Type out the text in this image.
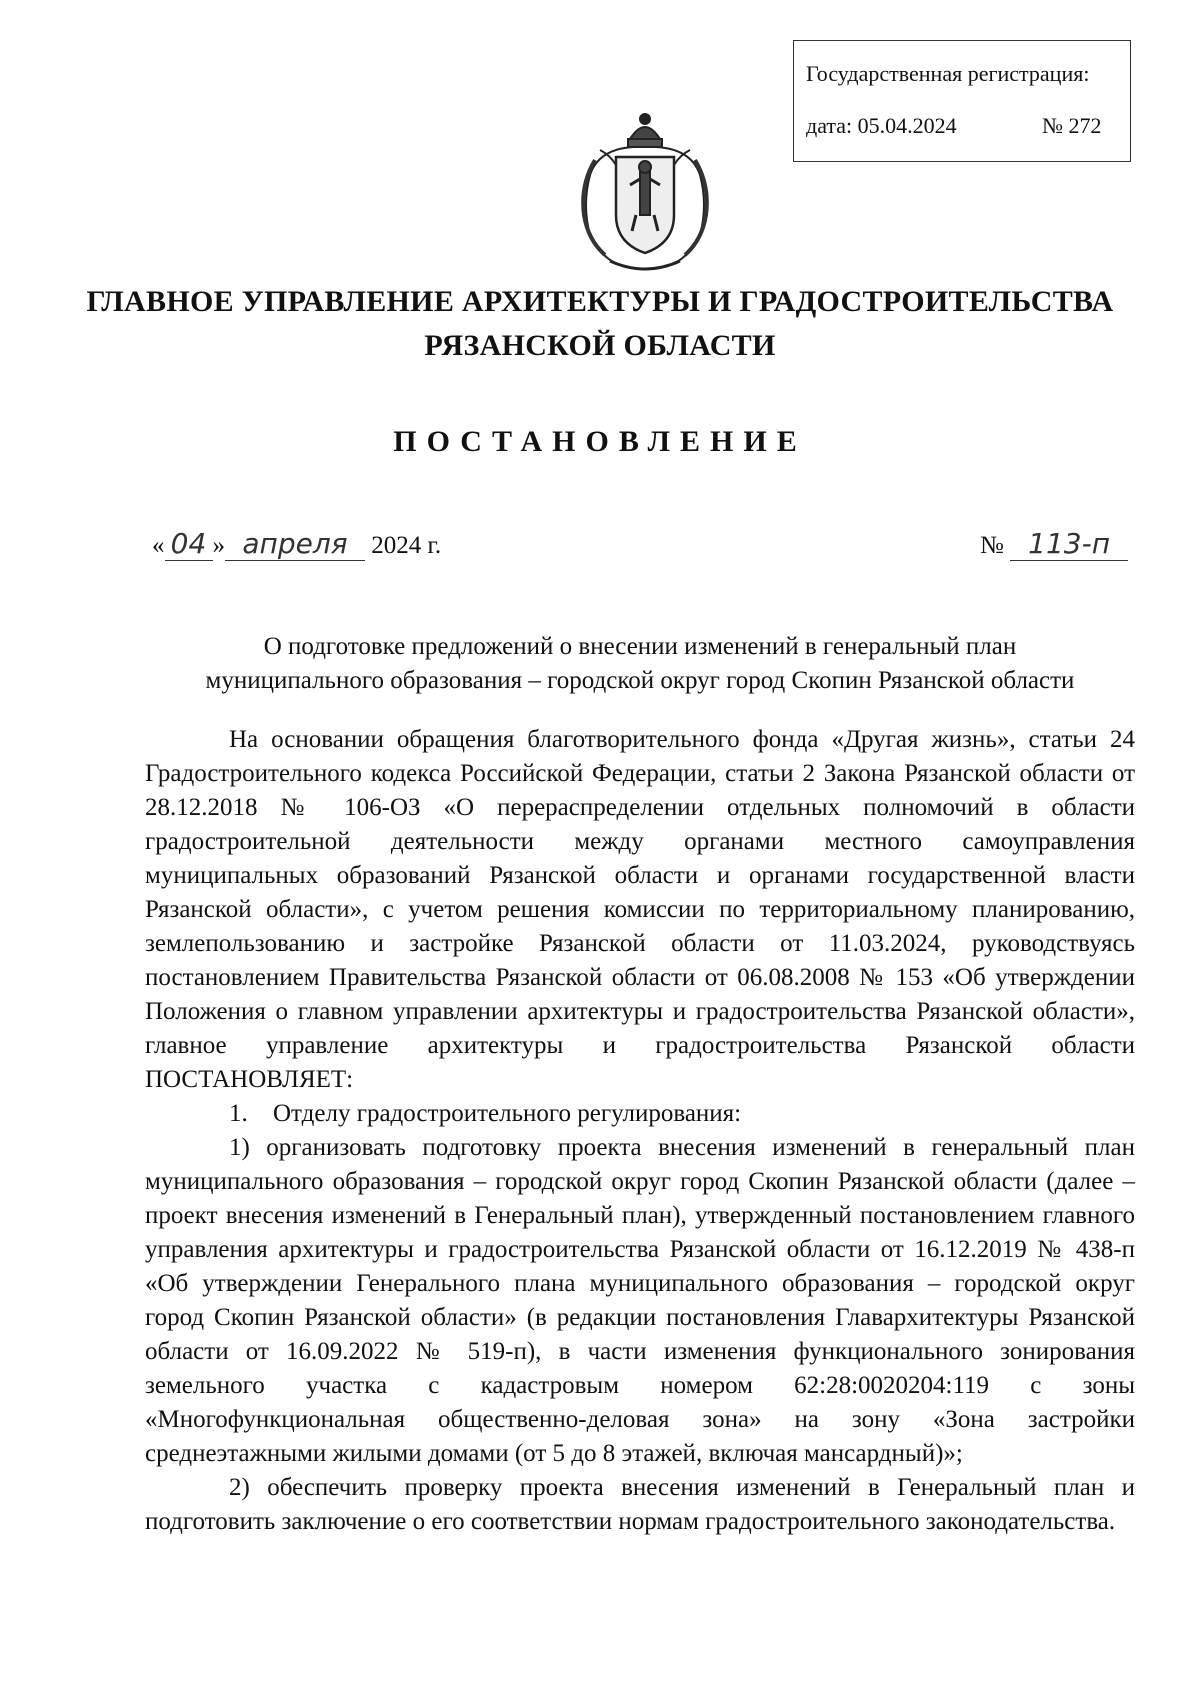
Государственная регистрация:
дата: 05.04.2024	№ 272
ГЛАВНОЕ УПРАВЛЕНИЕ АРХИТЕКТУРЫ И ГРАДОСТРОИТЕЛЬСТВА
РЯЗАНСКОЙ ОБЛАСТИ
ПОСТАНОВЛЕНИЕ
« 04 » апреля 2024 г.	№ 113-п
О подготовке предложений о внесении изменений в генеральный план
муниципального образования – городской округ город Скопин Рязанской области

На основании обращения благотворительного фонда «Другая жизнь», статьи 24 Градостроительного кодекса Российской Федерации, статьи 2 Закона Рязанской области от 28.12.2018 № 106-ОЗ «О перераспределении отдельных полномочий в области градостроительной деятельности между органами местного самоуправления муниципальных образований Рязанской области и органами государственной власти Рязанской области», с учетом решения комиссии по территориальному планированию, землепользованию и застройке Рязанской области от 11.03.2024, руководствуясь постановлением Правительства Рязанской области от 06.08.2008 № 153 «Об утверждении Положения о главном управлении архитектуры и градостроительства Рязанской области», главное управление архитектуры и градостроительства Рязанской области ПОСТАНОВЛЯЕТ:

1. Отделу градостроительного регулирования:

1) организовать подготовку проекта внесения изменений в генеральный план муниципального образования – городской округ город Скопин Рязанской области (далее – проект внесения изменений в Генеральный план), утвержденный постановлением главного управления архитектуры и градостроительства Рязанской области от 16.12.2019 № 438-п «Об утверждении Генерального плана муниципального образования – городской округ город Скопин Рязанской области» (в редакции постановления Главархитектуры Рязанской области от 16.09.2022 № 519-п), в части изменения функционального зонирования земельного участка с кадастровым номером 62:28:0020204:119 с зоны «Многофункциональная общественно-деловая зона» на зону «Зона застройки среднеэтажными жилыми домами (от 5 до 8 этажей, включая мансардный)»;

2) обеспечить проверку проекта внесения изменений в Генеральный план и подготовить заключение о его соответствии нормам градостроительного законодательства.
